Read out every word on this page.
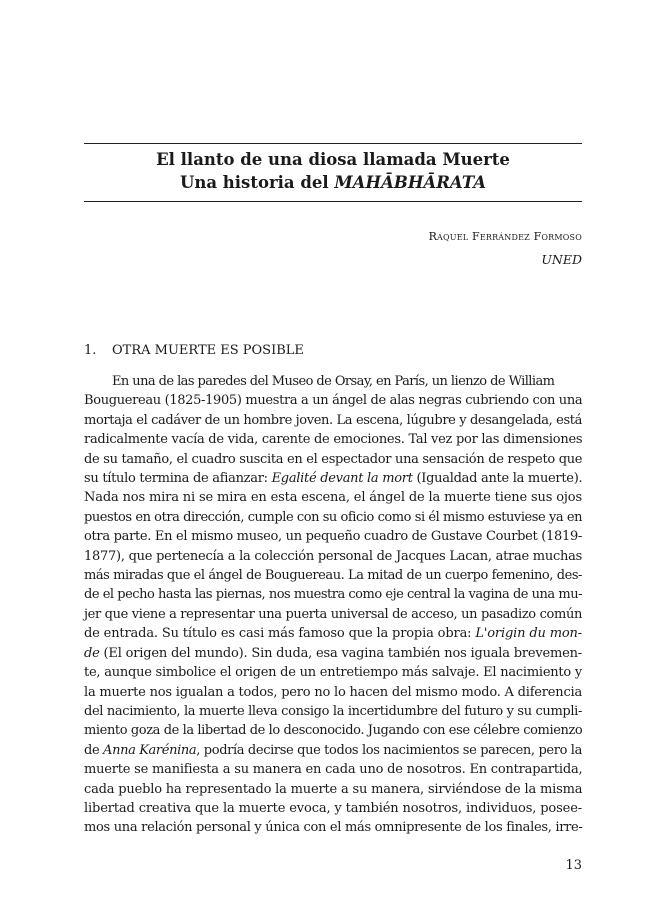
El llanto de una diosa llamada Muerte
Una historia del MAHĀBHĀRATA
Raquel Ferrández Formoso
UNED
1. OTRA MUERTE ES POSIBLE
En una de las paredes del Museo de Orsay, en París, un lienzo de William
Bouguereau (1825-1905) muestra a un ángel de alas negras cubriendo con una
mortaja el cadáver de un hombre joven. La escena, lúgubre y desangelada, está
radicalmente vacía de vida, carente de emociones. Tal vez por las dimensiones
de su tamaño, el cuadro suscita en el espectador una sensación de respeto que
su título termina de afianzar: Egalité devant la mort (Igualdad ante la muerte).
Nada nos mira ni se mira en esta escena, el ángel de la muerte tiene sus ojos
puestos en otra dirección, cumple con su oficio como si él mismo estuviese ya en
otra parte. En el mismo museo, un pequeño cuadro de Gustave Courbet (1819-
1877), que pertenecía a la colección personal de Jacques Lacan, atrae muchas
más miradas que el ángel de Bouguereau. La mitad de un cuerpo femenino, des-
de el pecho hasta las piernas, nos muestra como eje central la vagina de una mu-
jer que viene a representar una puerta universal de acceso, un pasadizo común
de entrada. Su título es casi más famoso que la propia obra: L'origin du mon-
de (El origen del mundo). Sin duda, esa vagina también nos iguala brevemen-
te, aunque simbolice el origen de un entretiempo más salvaje. El nacimiento y
la muerte nos igualan a todos, pero no lo hacen del mismo modo. A diferencia
del nacimiento, la muerte lleva consigo la incertidumbre del futuro y su cumpli-
miento goza de la libertad de lo desconocido. Jugando con ese célebre comienzo
de Anna Karénina, podría decirse que todos los nacimientos se parecen, pero la
muerte se manifiesta a su manera en cada uno de nosotros. En contrapartida,
cada pueblo ha representado la muerte a su manera, sirviéndose de la misma
libertad creativa que la muerte evoca, y también nosotros, individuos, posee-
mos una relación personal y única con el más omnipresente de los finales, irre-
13
